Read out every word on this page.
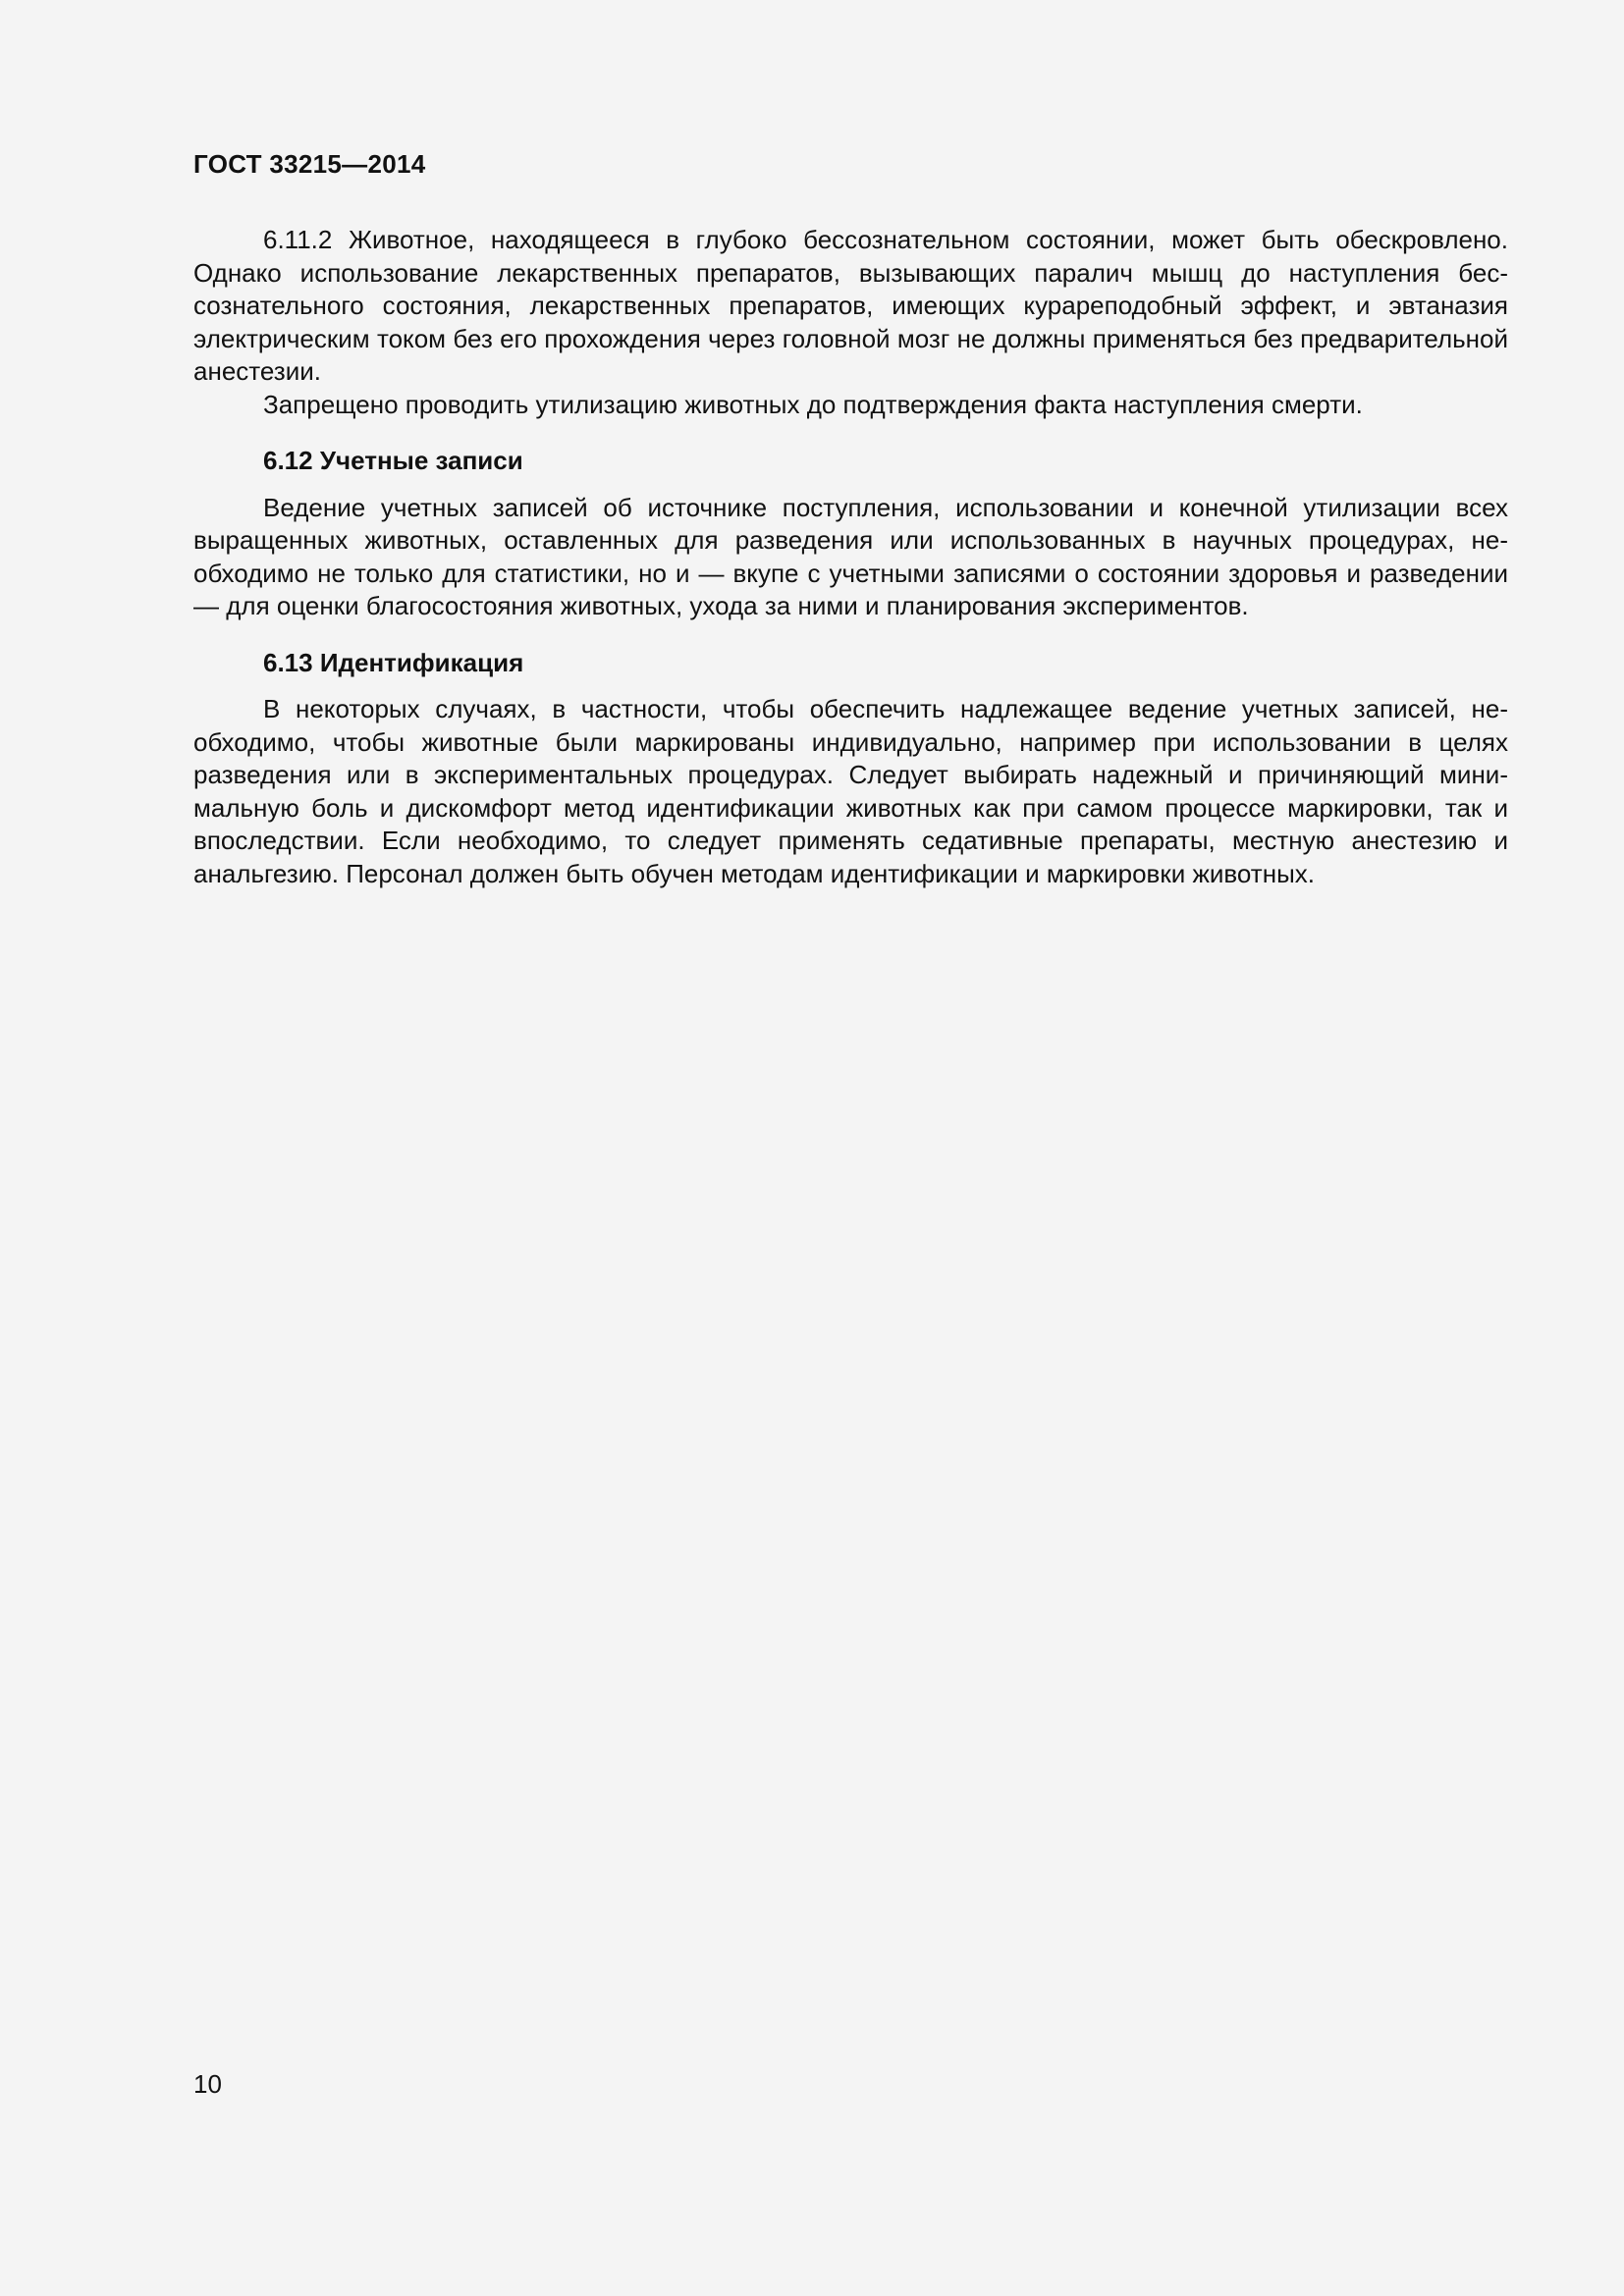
ГОСТ 33215—2014

6.11.2 Животное, находящееся в глубоко бессознательном состоянии, может быть обескровлено. Однако использование лекарственных препаратов, вызывающих паралич мышц до наступления бессознательного состояния, лекарственных препаратов, имеющих курареподобный эффект, и эвтаназия электрическим током без его прохождения через головной мозг не должны применяться без предварительной анестезии.

Запрещено проводить утилизацию животных до подтверждения факта наступления смерти.

6.12 Учетные записи

Ведение учетных записей об источнике поступления, использовании и конечной утилизации всех выращенных животных, оставленных для разведения или использованных в научных процедурах, необходимо не только для статистики, но и — вкупе с учетными записями о состоянии здоровья и разведении — для оценки благосостояния животных, ухода за ними и планирования экспериментов.

6.13 Идентификация

В некоторых случаях, в частности, чтобы обеспечить надлежащее ведение учетных записей, необходимо, чтобы животные были маркированы индивидуально, например при использовании в целях разведения или в экспериментальных процедурах. Следует выбирать надежный и причиняющий минимальную боль и дискомфорт метод идентификации животных как при самом процессе маркировки, так и впоследствии. Если необходимо, то следует применять седативные препараты, местную анестезию и анальгезию. Персонал должен быть обучен методам идентификации и маркировки животных.

10
